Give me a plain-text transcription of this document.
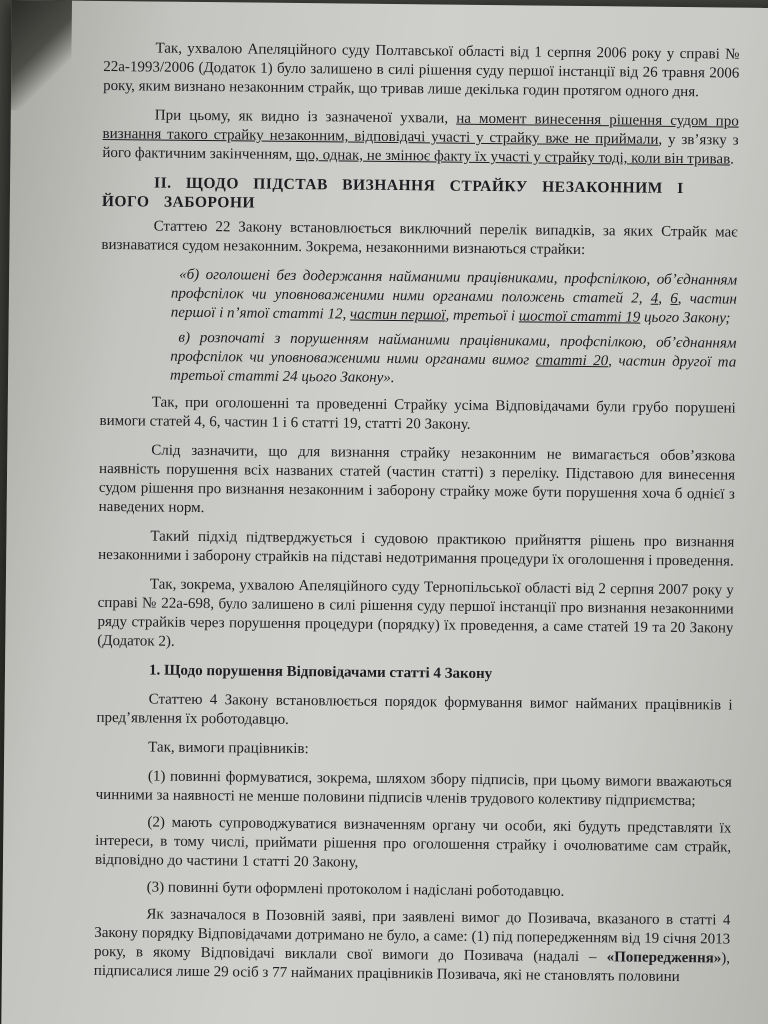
Так, ухвалою Апеляційного суду Полтавської області від 1 серпня 2006 року у справі № 22а-1993/2006 (Додаток 1) було залишено в силі рішення суду першої інстанції від 26 травня 2006 року, яким визнано незаконним страйк, що тривав лише декілька годин протягом одного дня.

При цьому, як видно із зазначеної ухвали, на момент винесення рішення судом про визнання такого страйку незаконним, відповідачі участі у страйку вже не приймали, у зв’язку з його фактичним закінченням, що, однак, не змінює факту їх участі у страйку тоді, коли він тривав.

ІІ. ЩОДО ПІДСТАВ ВИЗНАННЯ СТРАЙКУ НЕЗАКОННИМ І ЙОГО ЗАБОРОНИ

Статтею 22 Закону встановлюється виключний перелік випадків, за яких Страйк має визнаватися судом незаконним. Зокрема, незаконними визнаються страйки:

«б) оголошені без додержання найманими працівниками, профспілкою, об’єднанням профспілок чи уповноваженими ними органами положень статей 2, 4, 6, частин першої і п’ятої статті 12, частин першої, третьої і шостої статті 19 цього Закону;

в) розпочаті з порушенням найманими працівниками, профспілкою, об’єднанням профспілок чи уповноваженими ними органами вимог статті 20, частин другої та третьої статті 24 цього Закону».

Так, при оголошенні та проведенні Страйку усіма Відповідачами були грубо порушені вимоги статей 4, 6, частин 1 і 6 статті 19, статті 20 Закону.

Слід зазначити, що для визнання страйку незаконним не вимагається обов’язкова наявність порушення всіх названих статей (частин статті) з переліку. Підставою для винесення судом рішення про визнання незаконним і заборону страйку може бути порушення хоча б однієї з наведених норм.

Такий підхід підтверджується і судовою практикою прийняття рішень про визнання незаконними і заборону страйків на підставі недотримання процедури їх оголошення і проведення.

Так, зокрема, ухвалою Апеляційного суду Тернопільської області від 2 серпня 2007 року у справі № 22а-698, було залишено в силі рішення суду першої інстанції про визнання незаконними ряду страйків через порушення процедури (порядку) їх проведення, а саме статей 19 та 20 Закону (Додаток 2).

1. Щодо порушення Відповідачами статті 4 Закону

Статтею 4 Закону встановлюється порядок формування вимог найманих працівників і пред’явлення їх роботодавцю.

Так, вимоги працівників:

(1) повинні формуватися, зокрема, шляхом збору підписів, при цьому вимоги вважаються чинними за наявності не менше половини підписів членів трудового колективу підприємства;

(2) мають супроводжуватися визначенням органу чи особи, які будуть представляти їх інтереси, в тому числі, приймати рішення про оголошення страйку і очолюватиме сам страйк, відповідно до частини 1 статті 20 Закону,

(3) повинні бути оформлені протоколом і надіслані роботодавцю.

Як зазначалося в Позовній заяві, при заявлені вимог до Позивача, вказаного в статті 4 Закону порядку Відповідачами дотримано не було, а саме: (1) під попередженням від 19 січня 2013 року, в якому Відповідачі виклали свої вимоги до Позивача (надалі – «Попередження»), підписалися лише 29 осіб з 77 найманих працівників Позивача, які не становлять половини
